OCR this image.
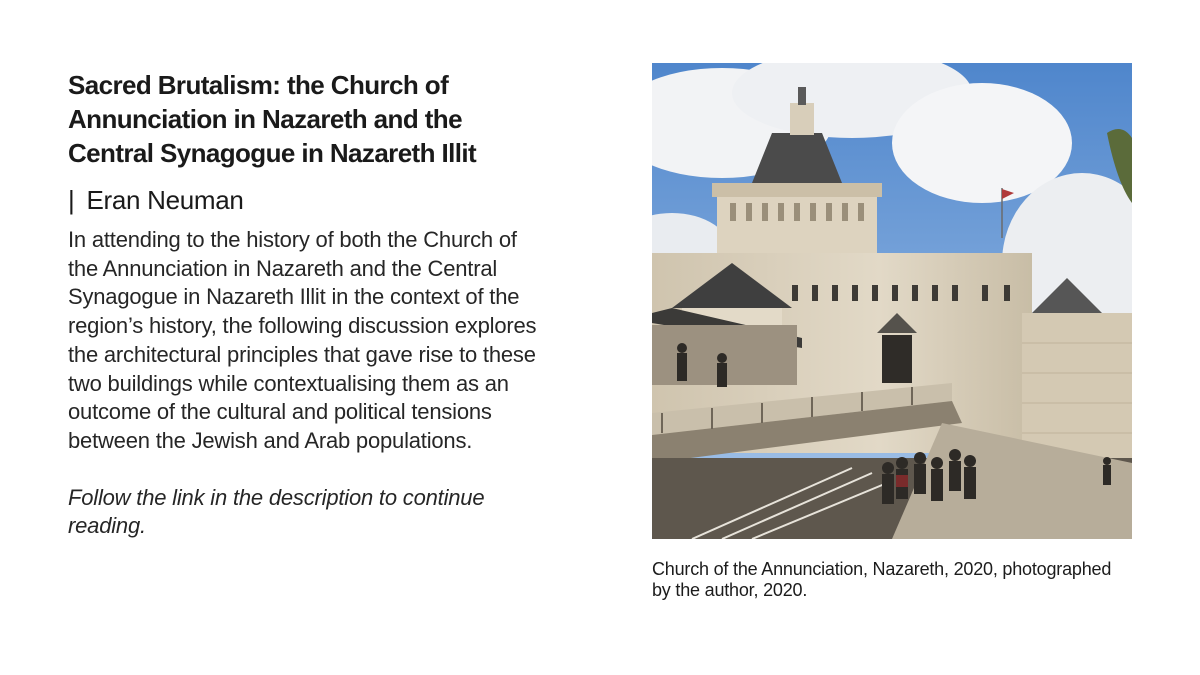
Sacred Brutalism: the Church of Annunciation in Nazareth and the Central Synagogue in Nazareth Illit
| Eran Neuman

In attending to the history of both the Church of the Annunciation in Nazareth and the Central Synagogue in Nazareth Illit in the context of the region’s history, the following discussion explores the architectural principles that gave rise to these two buildings while contextualising them as an outcome of the cultural and political tensions between the Jewish and Arab populations.

Follow the link in the description to continue reading.

Church of the Annunciation, Nazareth, 2020, photographed by the author, 2020.
